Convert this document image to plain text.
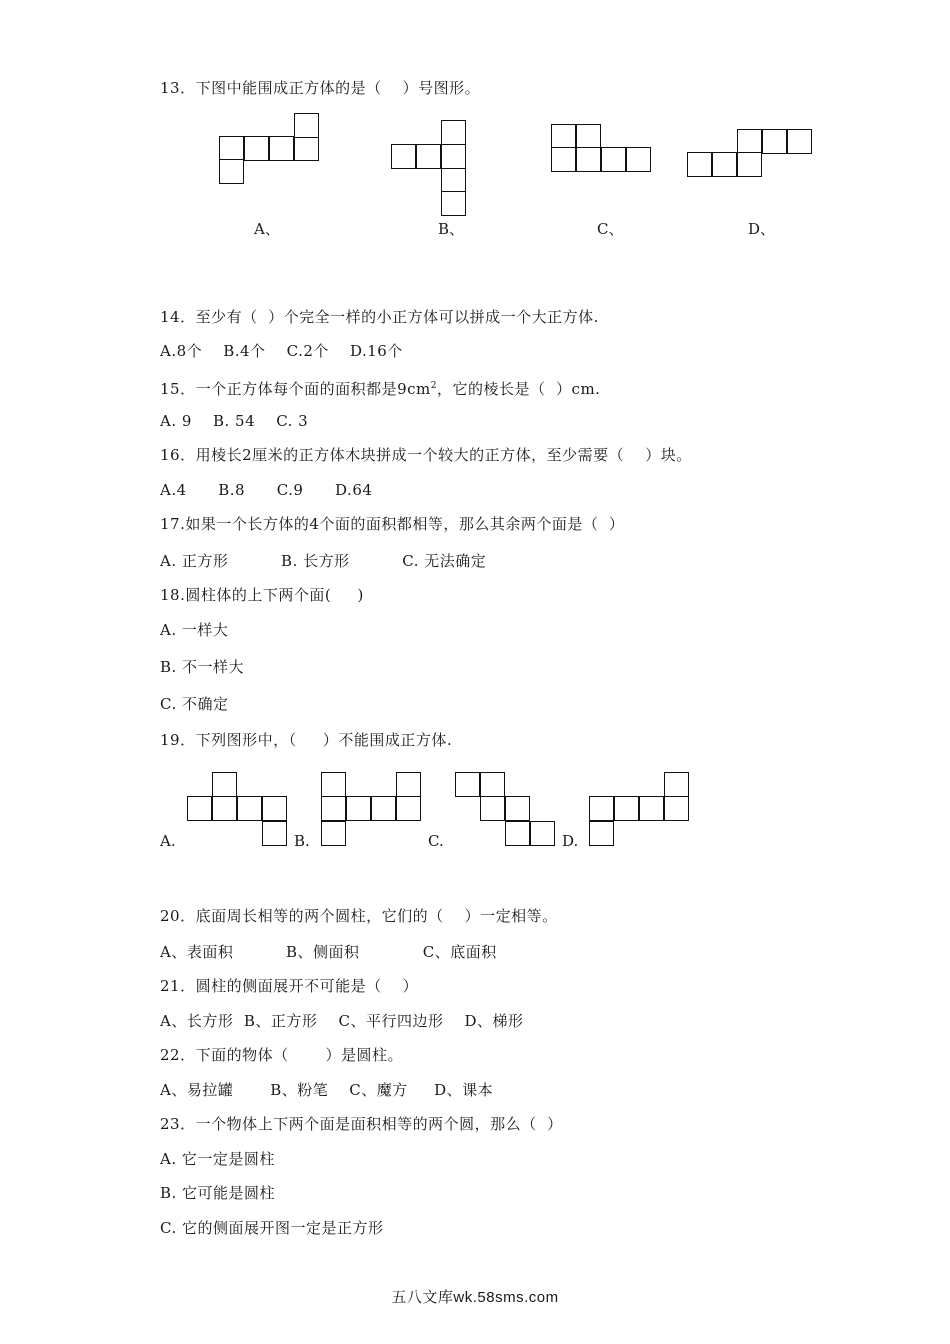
13．下图中能围成正方体的是（    ）号图形。
A、	B、	C、	D、
14．至少有（  ）个完全一样的小正方体可以拼成一个大正方体.
A.8个    B.4个    C.2个    D.16个
15．一个正方体每个面的面积都是$9cm^2$，它的棱长是（  ）cm.
A. 9    B. 54    C. 3
16．用棱长2厘米的正方体木块拼成一个较大的正方体，至少需要（    ）块。
A.4      B.8      C.9      D.64
17.如果一个长方体的4个面的面积都相等，那么其余两个面是（  ）
A. 正方形          B. 长方形          C. 无法确定
18.圆柱体的上下两个面(     )
A. 一样大
B. 不一样大
C. 不确定
19．下列图形中，（     ）不能围成正方体.
A.	B.	C.	D.
20．底面周长相等的两个圆柱，它们的（    ）一定相等。
A、表面积          B、侧面积            C、底面积
21．圆柱的侧面展开不可能是（    ）
A、长方形  B、正方形    C、平行四边形    D、梯形
22．下面的物体（       ）是圆柱。
A、易拉罐       B、粉笔    C、魔方     D、课本
23．一个物体上下两个面是面积相等的两个圆，那么（  ）
A. 它一定是圆柱
B. 它可能是圆柱
C. 它的侧面展开图一定是正方形
五八文库wk.58sms.com
